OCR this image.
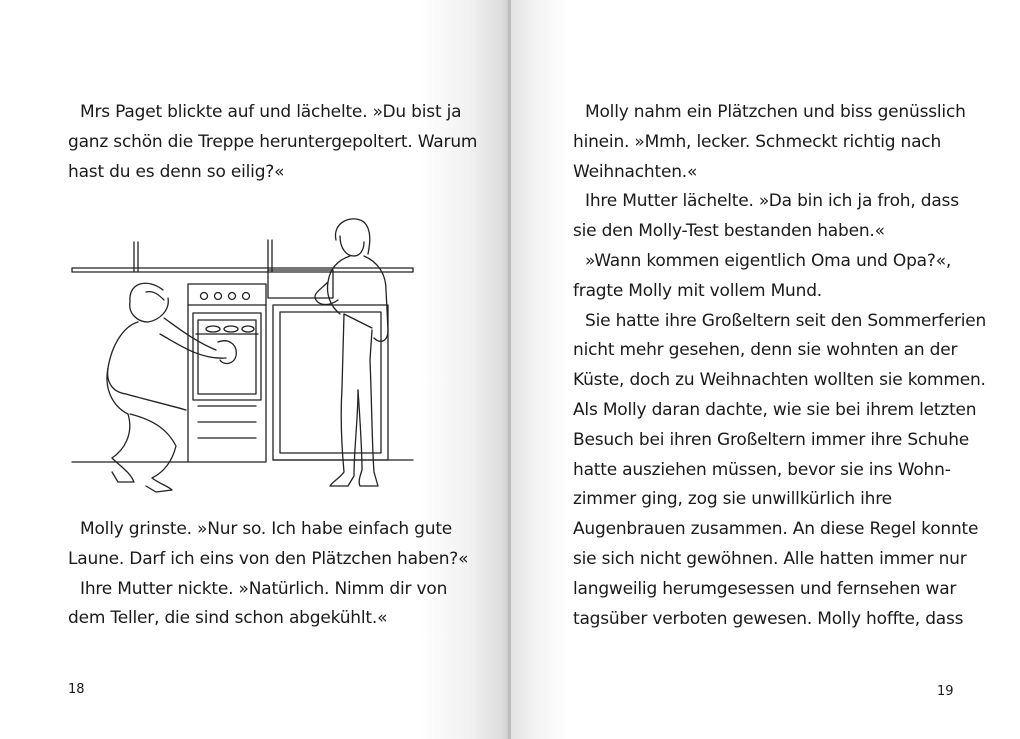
Mrs Paget blickte auf und lächelte. »Du bist ja
ganz schön die Treppe heruntergepoltert. Warum
hast du es denn so eilig?«
Molly grinste. »Nur so. Ich habe einfach gute
Laune. Darf ich eins von den Plätzchen haben?«
Ihre Mutter nickte. »Natürlich. Nimm dir von
dem Teller, die sind schon abgekühlt.«
18
Molly nahm ein Plätzchen und biss genüsslich
hinein. »Mmh, lecker. Schmeckt richtig nach
Weihnachten.«
Ihre Mutter lächelte. »Da bin ich ja froh, dass
sie den Molly-Test bestanden haben.«
»Wann kommen eigentlich Oma und Opa?«,
fragte Molly mit vollem Mund.
Sie hatte ihre Großeltern seit den Sommerferien
nicht mehr gesehen, denn sie wohnten an der
Küste, doch zu Weihnachten wollten sie kommen.
Als Molly daran dachte, wie sie bei ihrem letzten
Besuch bei ihren Großeltern immer ihre Schuhe
hatte ausziehen müssen, bevor sie ins Wohn-
zimmer ging, zog sie unwillkürlich ihre
Augenbrauen zusammen. An diese Regel konnte
sie sich nicht gewöhnen. Alle hatten immer nur
langweilig herumgesessen und fernsehen war
tagsüber verboten gewesen. Molly hoffte, dass
19
